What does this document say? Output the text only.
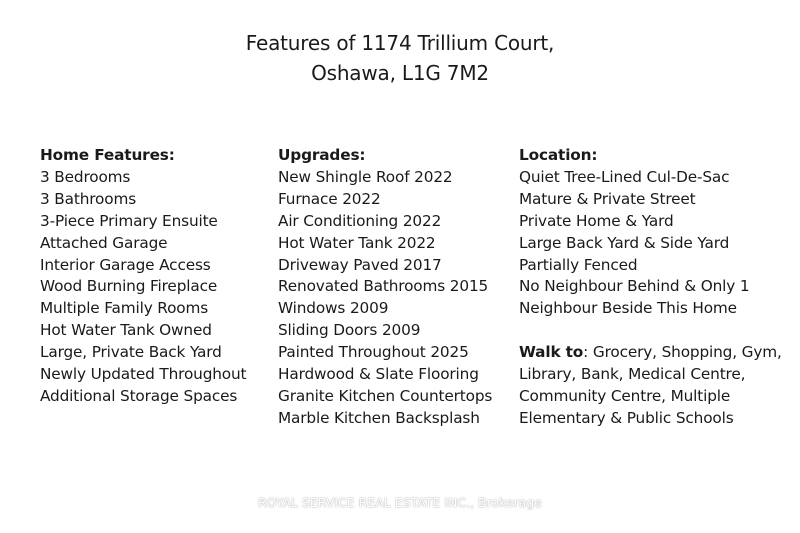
Features of 1174 Trillium Court,
Oshawa, L1G 7M2
Home Features:
3 Bedrooms
3 Bathrooms
3-Piece Primary Ensuite
Attached Garage
Interior Garage Access
Wood Burning Fireplace
Multiple Family Rooms
Hot Water Tank Owned
Large, Private Back Yard
Newly Updated Throughout
Additional Storage Spaces
Upgrades:
New Shingle Roof 2022
Furnace 2022
Air Conditioning 2022
Hot Water Tank 2022
Driveway Paved 2017
Renovated Bathrooms 2015
Windows 2009
Sliding Doors 2009
Painted Throughout 2025
Hardwood & Slate Flooring
Granite Kitchen Countertops
Marble Kitchen Backsplash
Location:
Quiet Tree-Lined Cul-De-Sac
Mature & Private Street
Private Home & Yard
Large Back Yard & Side Yard
Partially Fenced
No Neighbour Behind & Only 1
Neighbour Beside This Home
Walk to: Grocery, Shopping, Gym,
Library, Bank, Medical Centre,
Community Centre, Multiple
Elementary & Public Schools
ROYAL SERVICE REAL ESTATE INC., Brokerage
